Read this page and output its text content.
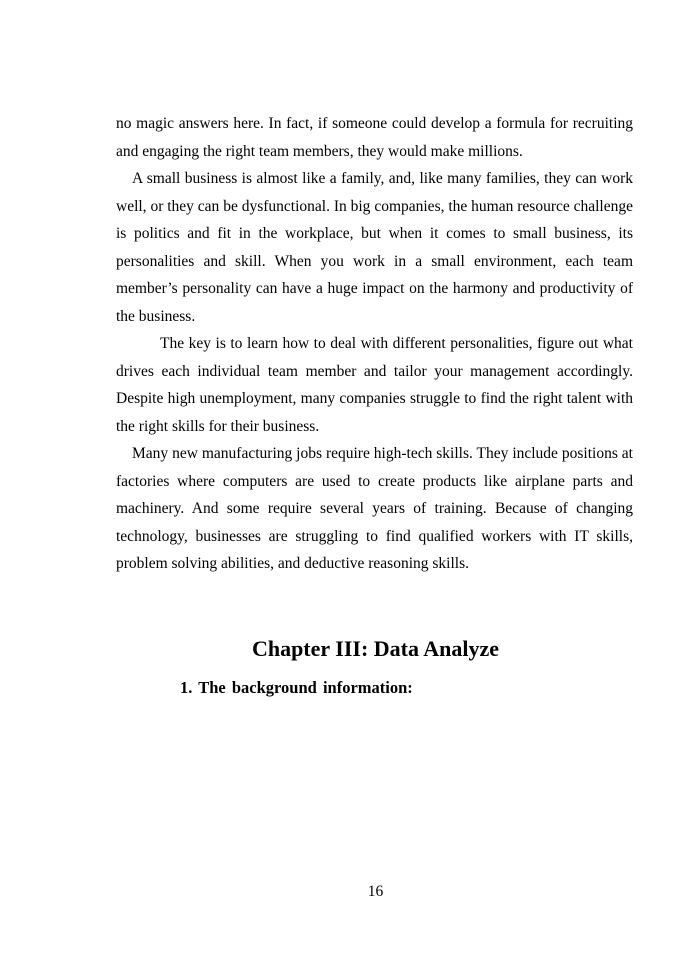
no magic answers here. In fact, if someone could develop a formula for recruiting and engaging the right team members, they would make millions.

A small business is almost like a family, and, like many families, they can work well, or they can be dysfunctional. In big companies, the human resource challenge is politics and fit in the workplace, but when it comes to small business, its personalities and skill. When you work in a small environment, each team member’s personality can have a huge impact on the harmony and productivity of the business.

The key is to learn how to deal with different personalities, figure out what drives each individual team member and tailor your management accordingly. Despite high unemployment, many companies struggle to find the right talent with the right skills for their business.

Many new manufacturing jobs require high-tech skills. They include positions at factories where computers are used to create products like airplane parts and machinery. And some require several years of training. Because of changing technology, businesses are struggling to find qualified workers with IT skills, problem solving abilities, and deductive reasoning skills.

Chapter III: Data Analyze
1. The background information:
16
